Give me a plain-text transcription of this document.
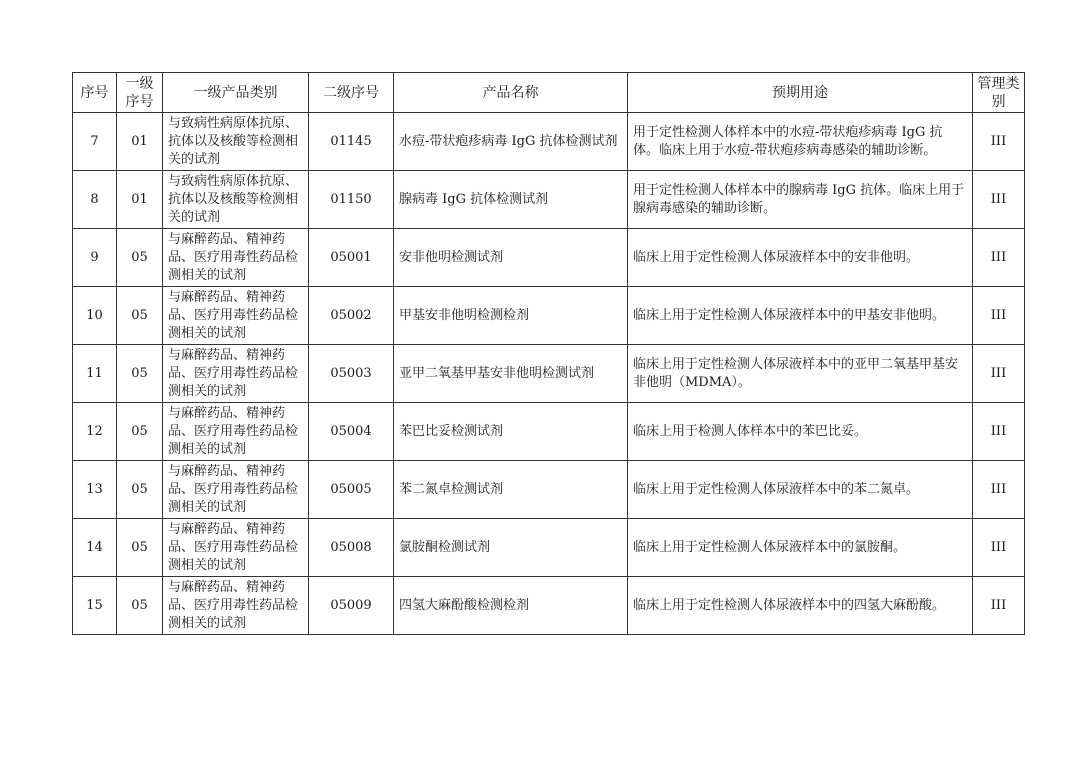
序号	一级序号	一级产品类别	二级序号	产品名称	预期用途	管理类别
7	01	与致病性病原体抗原、抗体以及核酸等检测相关的试剂	01145	水痘-带状疱疹病毒 IgG 抗体检测试剂	用于定性检测人体样本中的水痘-带状疱疹病毒 IgG 抗体。临床上用于水痘-带状疱疹病毒感染的辅助诊断。	III
8	01	与致病性病原体抗原、抗体以及核酸等检测相关的试剂	01150	腺病毒 IgG 抗体检测试剂	用于定性检测人体样本中的腺病毒 IgG 抗体。临床上用于腺病毒感染的辅助诊断。	III
9	05	与麻醉药品、精神药品、医疗用毒性药品检测相关的试剂	05001	安非他明检测试剂	临床上用于定性检测人体尿液样本中的安非他明。	III
10	05	与麻醉药品、精神药品、医疗用毒性药品检测相关的试剂	05002	甲基安非他明检测检剂	临床上用于定性检测人体尿液样本中的甲基安非他明。	III
11	05	与麻醉药品、精神药品、医疗用毒性药品检测相关的试剂	05003	亚甲二氧基甲基安非他明检测试剂	临床上用于定性检测人体尿液样本中的亚甲二氧基甲基安非他明（MDMA）。	III
12	05	与麻醉药品、精神药品、医疗用毒性药品检测相关的试剂	05004	苯巴比妥检测试剂	临床上用于检测人体样本中的苯巴比妥。	III
13	05	与麻醉药品、精神药品、医疗用毒性药品检测相关的试剂	05005	苯二氮卓检测试剂	临床上用于定性检测人体尿液样本中的苯二氮卓。	III
14	05	与麻醉药品、精神药品、医疗用毒性药品检测相关的试剂	05008	氯胺酮检测试剂	临床上用于定性检测人体尿液样本中的氯胺酮。	III
15	05	与麻醉药品、精神药品、医疗用毒性药品检测相关的试剂	05009	四氢大麻酚酸检测检剂	临床上用于定性检测人体尿液样本中的四氢大麻酚酸。	III
